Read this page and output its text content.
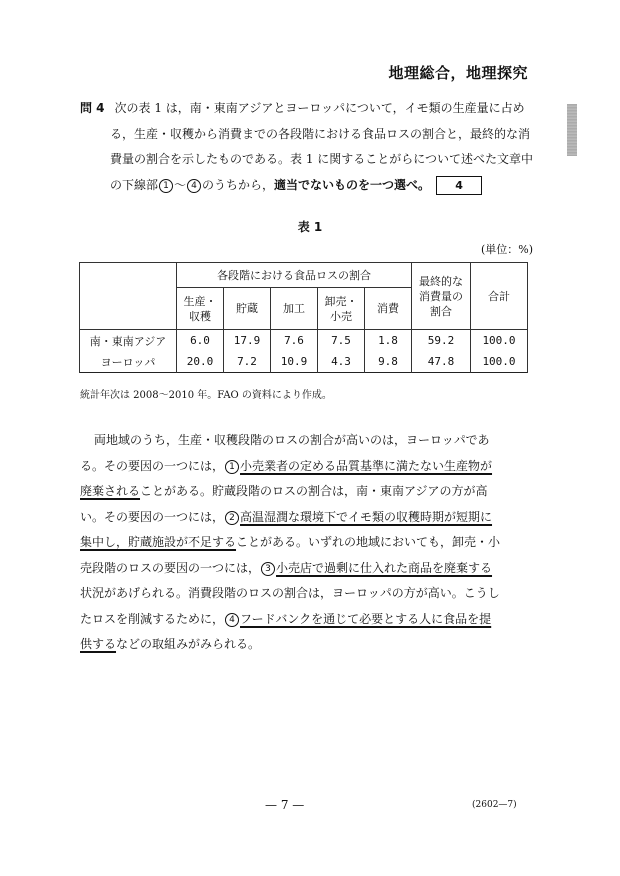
地理総合，地理探究
問 4 次の表 1 は，南・東南アジアとヨーロッパについて，イモ類の生産量に占め
る，生産・収穫から消費までの各段階における食品ロスの割合と，最終的な消
費量の割合を示したものである。表 1 に関することがらについて述べた文章中
の下線部 1 ～ 4 のうちから，適当でないものを一つ選べ。 4
表 1
(単位：%)
	各段階における食品ロスの割合					最終的な
消費量の
割合	合計
	生産・
収穫	貯蔵	加工	卸売・
小売	消費		
南・東南アジア	6.0	17.9	7.6	7.5	1.8	59.2	100.0
ヨーロッパ	20.0	7.2	10.9	4.3	9.8	47.8	100.0
統計年次は 2008～2010 年。FAO の資料により作成。
両地域のうち，生産・収穫段階のロスの割合が高いのは，ヨーロッパであ
る。その要因の一つには， 1 小売業者の定める品質基準に満たない生産物が
廃棄されることがある。貯蔵段階のロスの割合は，南・東南アジアの方が高
い。その要因の一つには， 2 高温湿潤な環境下でイモ類の収穫時期が短期に
集中し，貯蔵施設が不足することがある。いずれの地域においても，卸売・小
売段階のロスの要因の一つには， 3 小売店で過剰に仕入れた商品を廃棄する
状況があげられる。消費段階のロスの割合は，ヨーロッパの方が高い。こうし
たロスを削減するために， 4 フードバンクを通じて必要とする人に食品を提
供するなどの取組みがみられる。
— 7 —	(2602—7)
